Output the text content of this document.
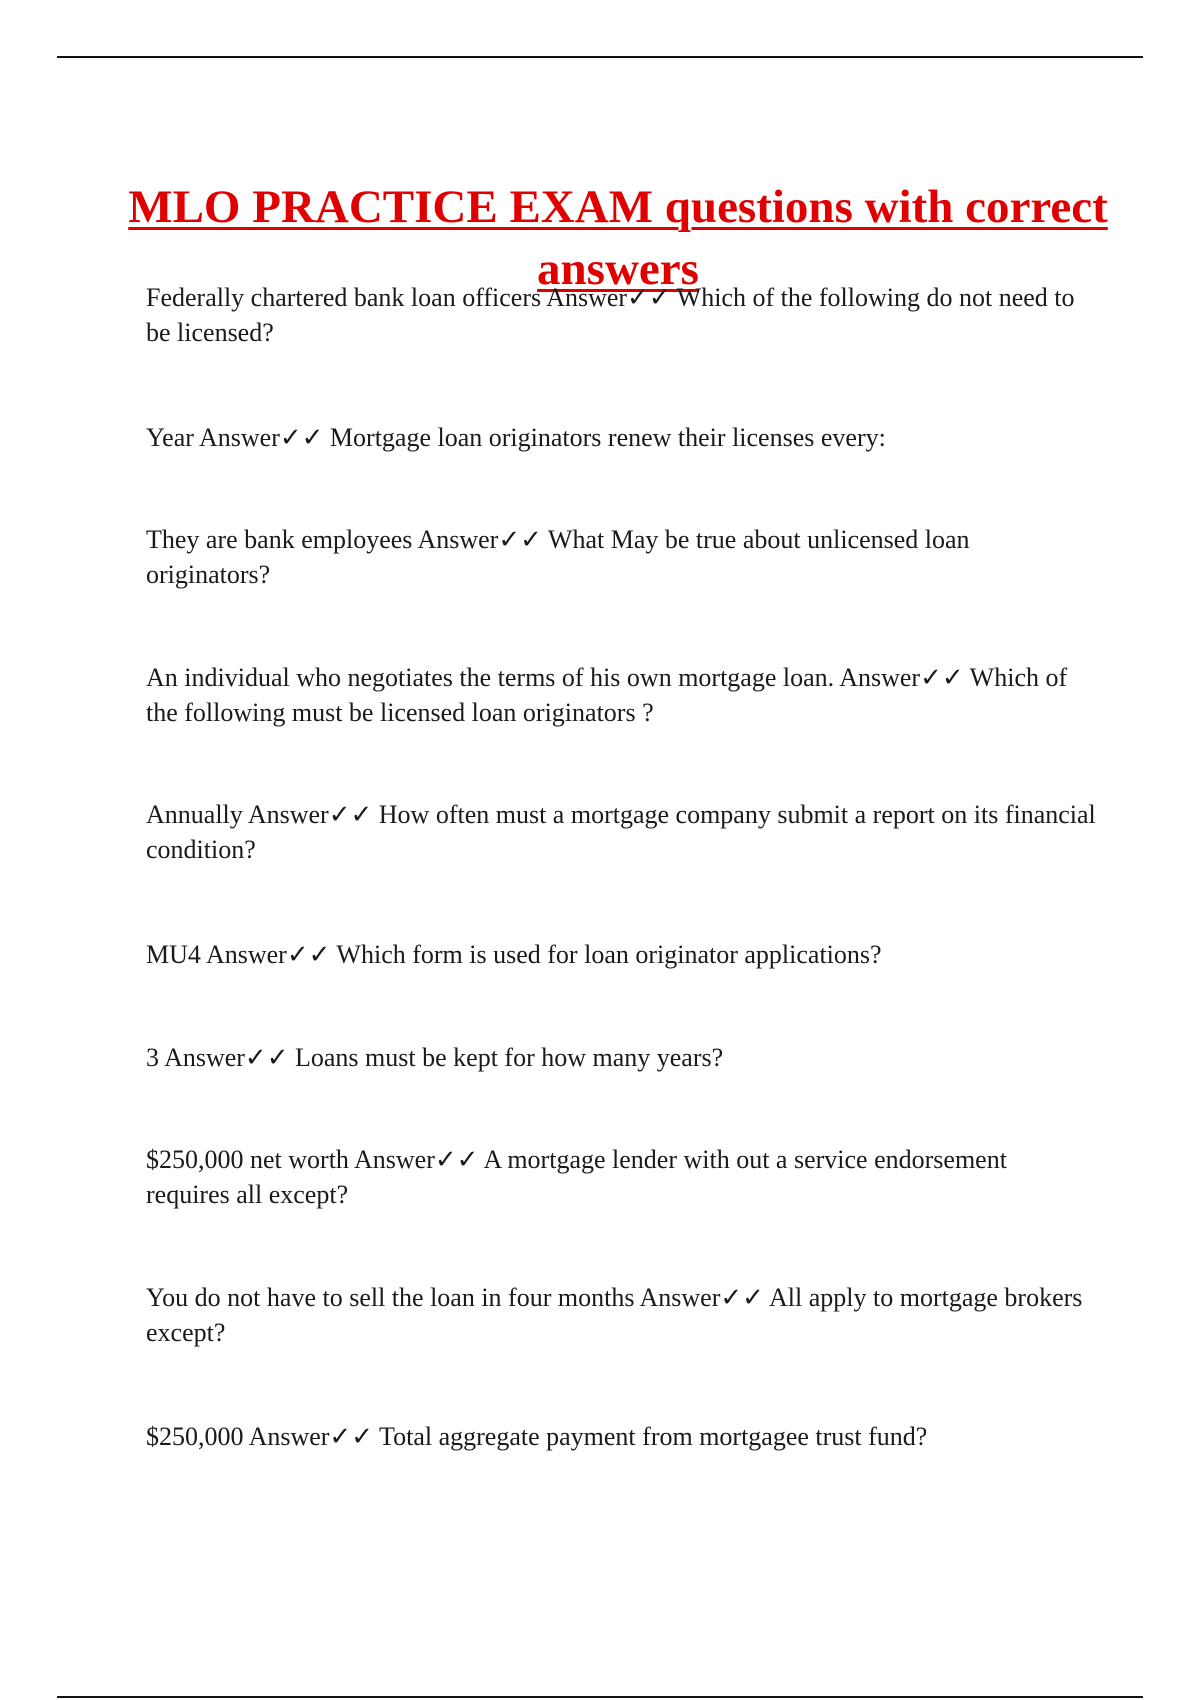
MLO PRACTICE EXAM questions with correct answers

Federally chartered bank loan officers Answer✓✓ Which of the following do not need to be licensed?

Year Answer✓✓ Mortgage loan originators renew their licenses every:

They are bank employees Answer✓✓ What May be true about unlicensed loan originators?

An individual who negotiates the terms of his own mortgage loan. Answer✓✓ Which of the following must be licensed loan originators ?

Annually Answer✓✓ How often must a mortgage company submit a report on its financial condition?

MU4 Answer✓✓ Which form is used for loan originator applications?

3 Answer✓✓ Loans must be kept for how many years?

$250,000 net worth Answer✓✓ A mortgage lender with out a service endorsement requires all except?

You do not have to sell the loan in four months Answer✓✓ All apply to mortgage brokers except?

$250,000 Answer✓✓ Total aggregate payment from mortgagee trust fund?
